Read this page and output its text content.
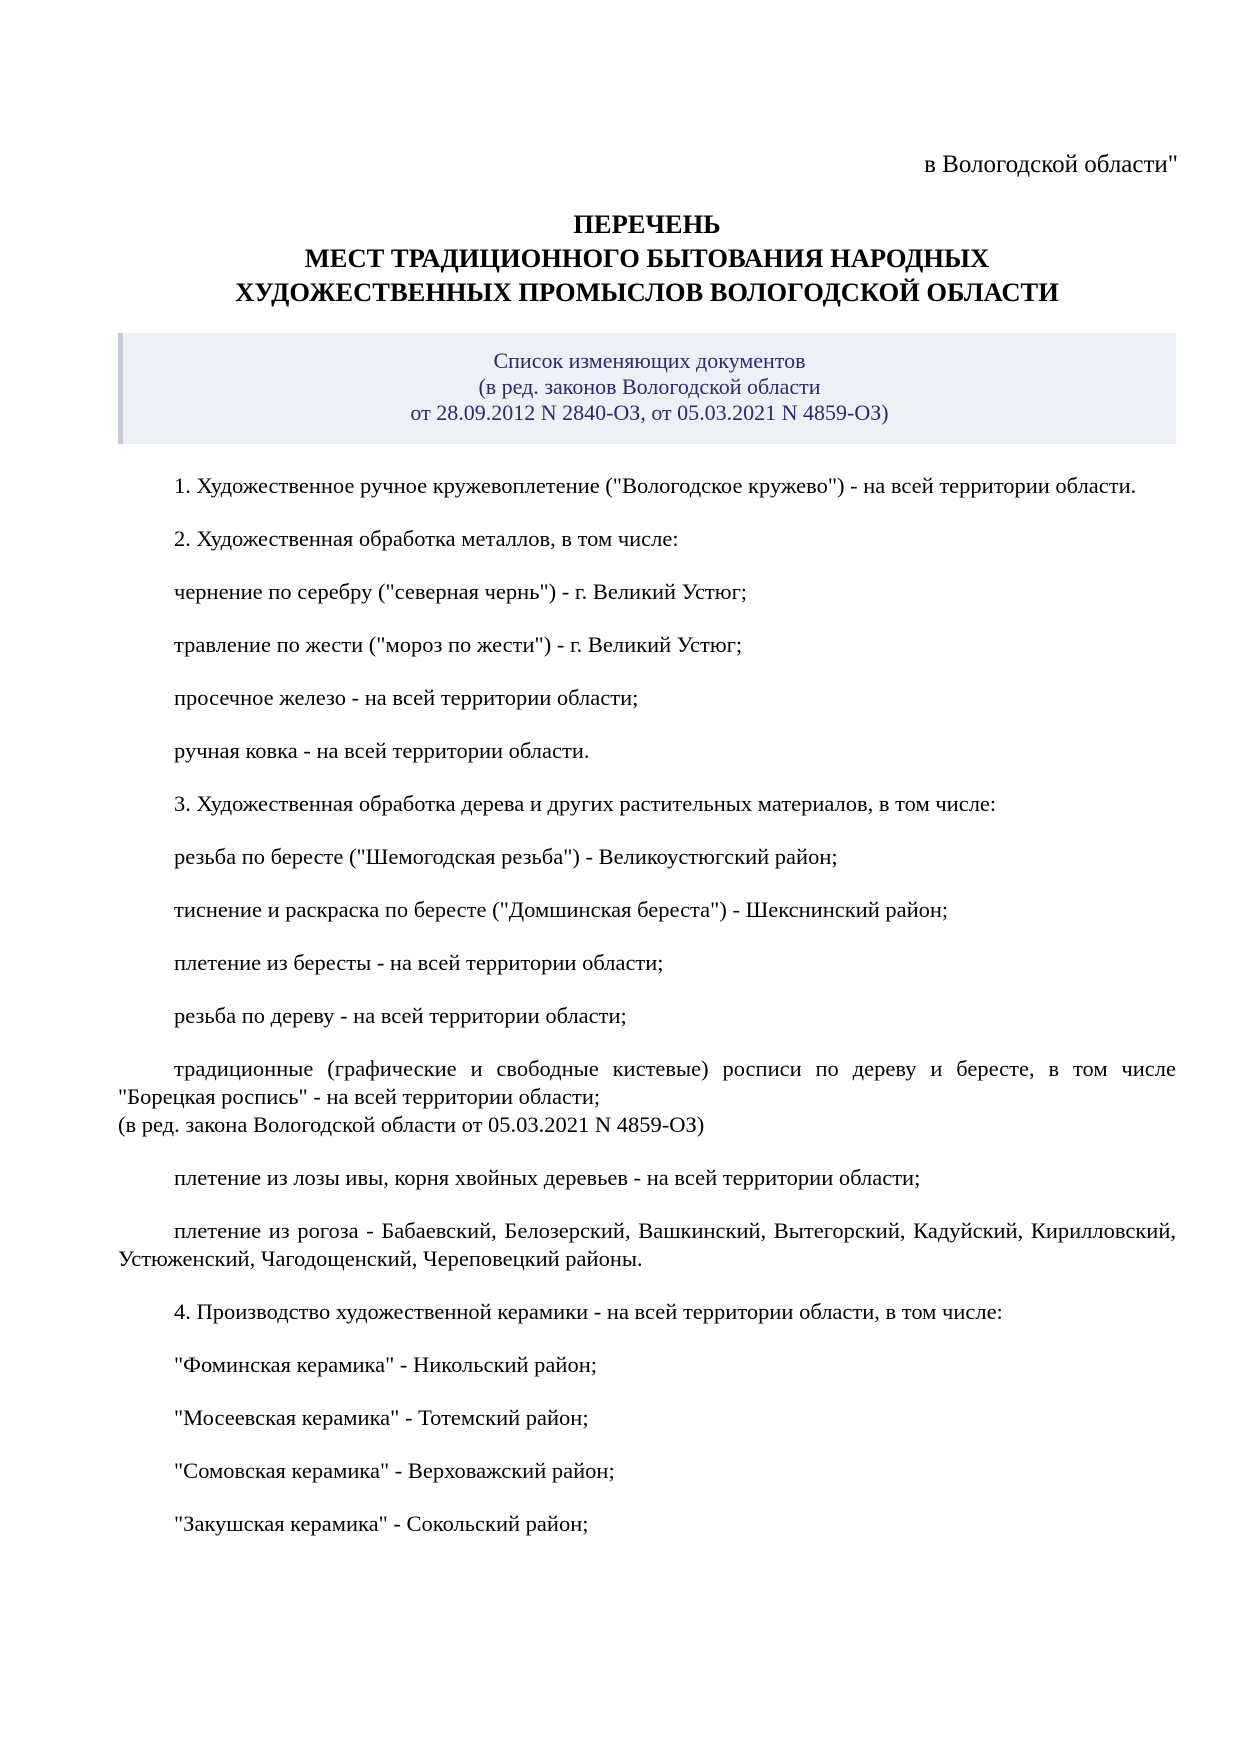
в Вологодской области"
ПЕРЕЧЕНЬ
МЕСТ ТРАДИЦИОННОГО БЫТОВАНИЯ НАРОДНЫХ
ХУДОЖЕСТВЕННЫХ ПРОМЫСЛОВ ВОЛОГОДСКОЙ ОБЛАСТИ
Список изменяющих документов
(в ред. законов Вологодской области
от 28.09.2012 N 2840-ОЗ, от 05.03.2021 N 4859-ОЗ)

1. Художественное ручное кружевоплетение ("Вологодское кружево") - на всей территории области.

2. Художественная обработка металлов, в том числе:

чернение по серебру ("северная чернь") - г. Великий Устюг;

травление по жести ("мороз по жести") - г. Великий Устюг;

просечное железо - на всей территории области;

ручная ковка - на всей территории области.

3. Художественная обработка дерева и других растительных материалов, в том числе:

резьба по бересте ("Шемогодская резьба") - Великоустюгский район;

тиснение и раскраска по бересте ("Домшинская береста") - Шекснинский район;

плетение из бересты - на всей территории области;

резьба по дереву - на всей территории области;

традиционные (графические и свободные кистевые) росписи по дереву и бересте, в том числе "Борецкая роспись" - на всей территории области;

(в ред. закона Вологодской области от 05.03.2021 N 4859-ОЗ)

плетение из лозы ивы, корня хвойных деревьев - на всей территории области;

плетение из рогоза - Бабаевский, Белозерский, Вашкинский, Вытегорский, Кадуйский, Кирилловский, Устюженский, Чагодощенский, Череповецкий районы.

4. Производство художественной керамики - на всей территории области, в том числе:

"Фоминская керамика" - Никольский район;

"Мосеевская керамика" - Тотемский район;

"Сомовская керамика" - Верховажский район;

"Закушская керамика" - Сокольский район;
